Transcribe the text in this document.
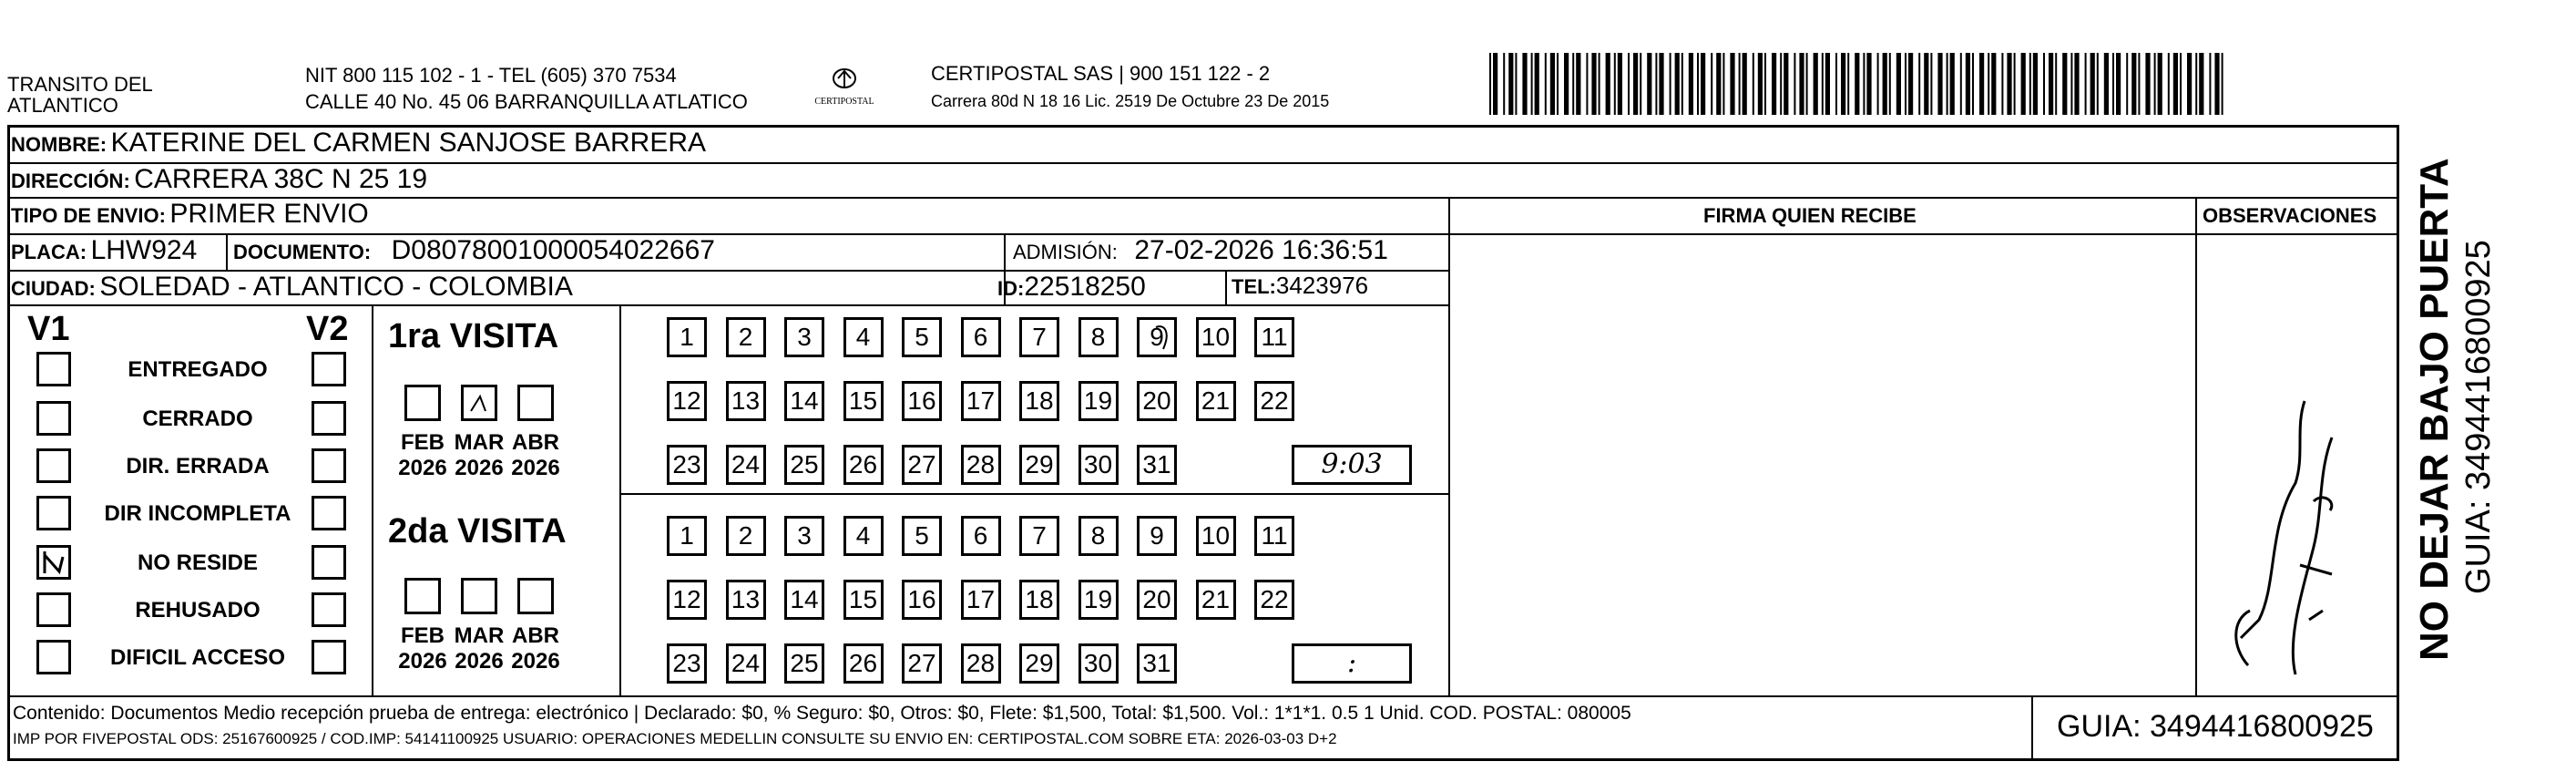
TRANSITO DEL
ATLANTICO
NIT 800 115 102 - 1 - TEL (605) 370 7534
CALLE 40 No. 45 06 BARRANQUILLA ATLATICO	CERTIPOSTAL
CERTIPOSTAL SAS | 900 151 122 - 2
Carrera 80d N 18 16 Lic. 2519 De Octubre 23 De 2015
NOMBRE: KATERINE DEL CARMEN SANJOSE BARRERA
DIRECCIÓN: CARRERA 38C N 25 19
TIPO DE ENVIO: PRIMER ENVIO
PLACA: LHW924 DOCUMENTO: D08078001000054022667	ADMISIÓN: 27-02-2026 16:36:51
CIUDAD: SOLEDAD - ATLANTICO - COLOMBIA	ID:22518250	TEL:3423976
FIRMA QUIEN RECIBE	OBSERVACIONES
V1	V2
ENTREGADO
CERRADO
DIR. ERRADA
DIR INCOMPLETA
NO RESIDE
REHUSADO
DIFICIL ACCESO
1ra VISITA
2da VISITA
FEB
2026
MAR
2026
ABR
2026
FEB
2026
MAR
2026
ABR
2026
1	2	3	4	5	6	7	8	9	10 11
12 13 14 15 16 17 18 19 20 21 22
23 24 25 26 27 28 29 30 31	9:03
1	2	3	4	5	6	7	8	9	10 11
12 13 14 15 16 17 18 19 20 21 22
23 24 25 26 27 28 29 30 31	:
NO DEJAR BAJO PUERTA GUIA: 3494416800925
Contenido: Documentos Medio recepción prueba de entrega: electrónico | Declarado: $0, % Seguro: $0, Otros: $0, Flete: $1,500, Total: $1,500. Vol.: 1*1*1. 0.5 1 Unid. COD. POSTAL: 080005
IMP POR FIVEPOSTAL ODS: 25167600925 / COD.IMP: 54141100925 USUARIO: OPERACIONES MEDELLIN CONSULTE SU ENVIO EN: CERTIPOSTAL.COM SOBRE ETA: 2026-03-03 D+2	GUIA: 3494416800925
